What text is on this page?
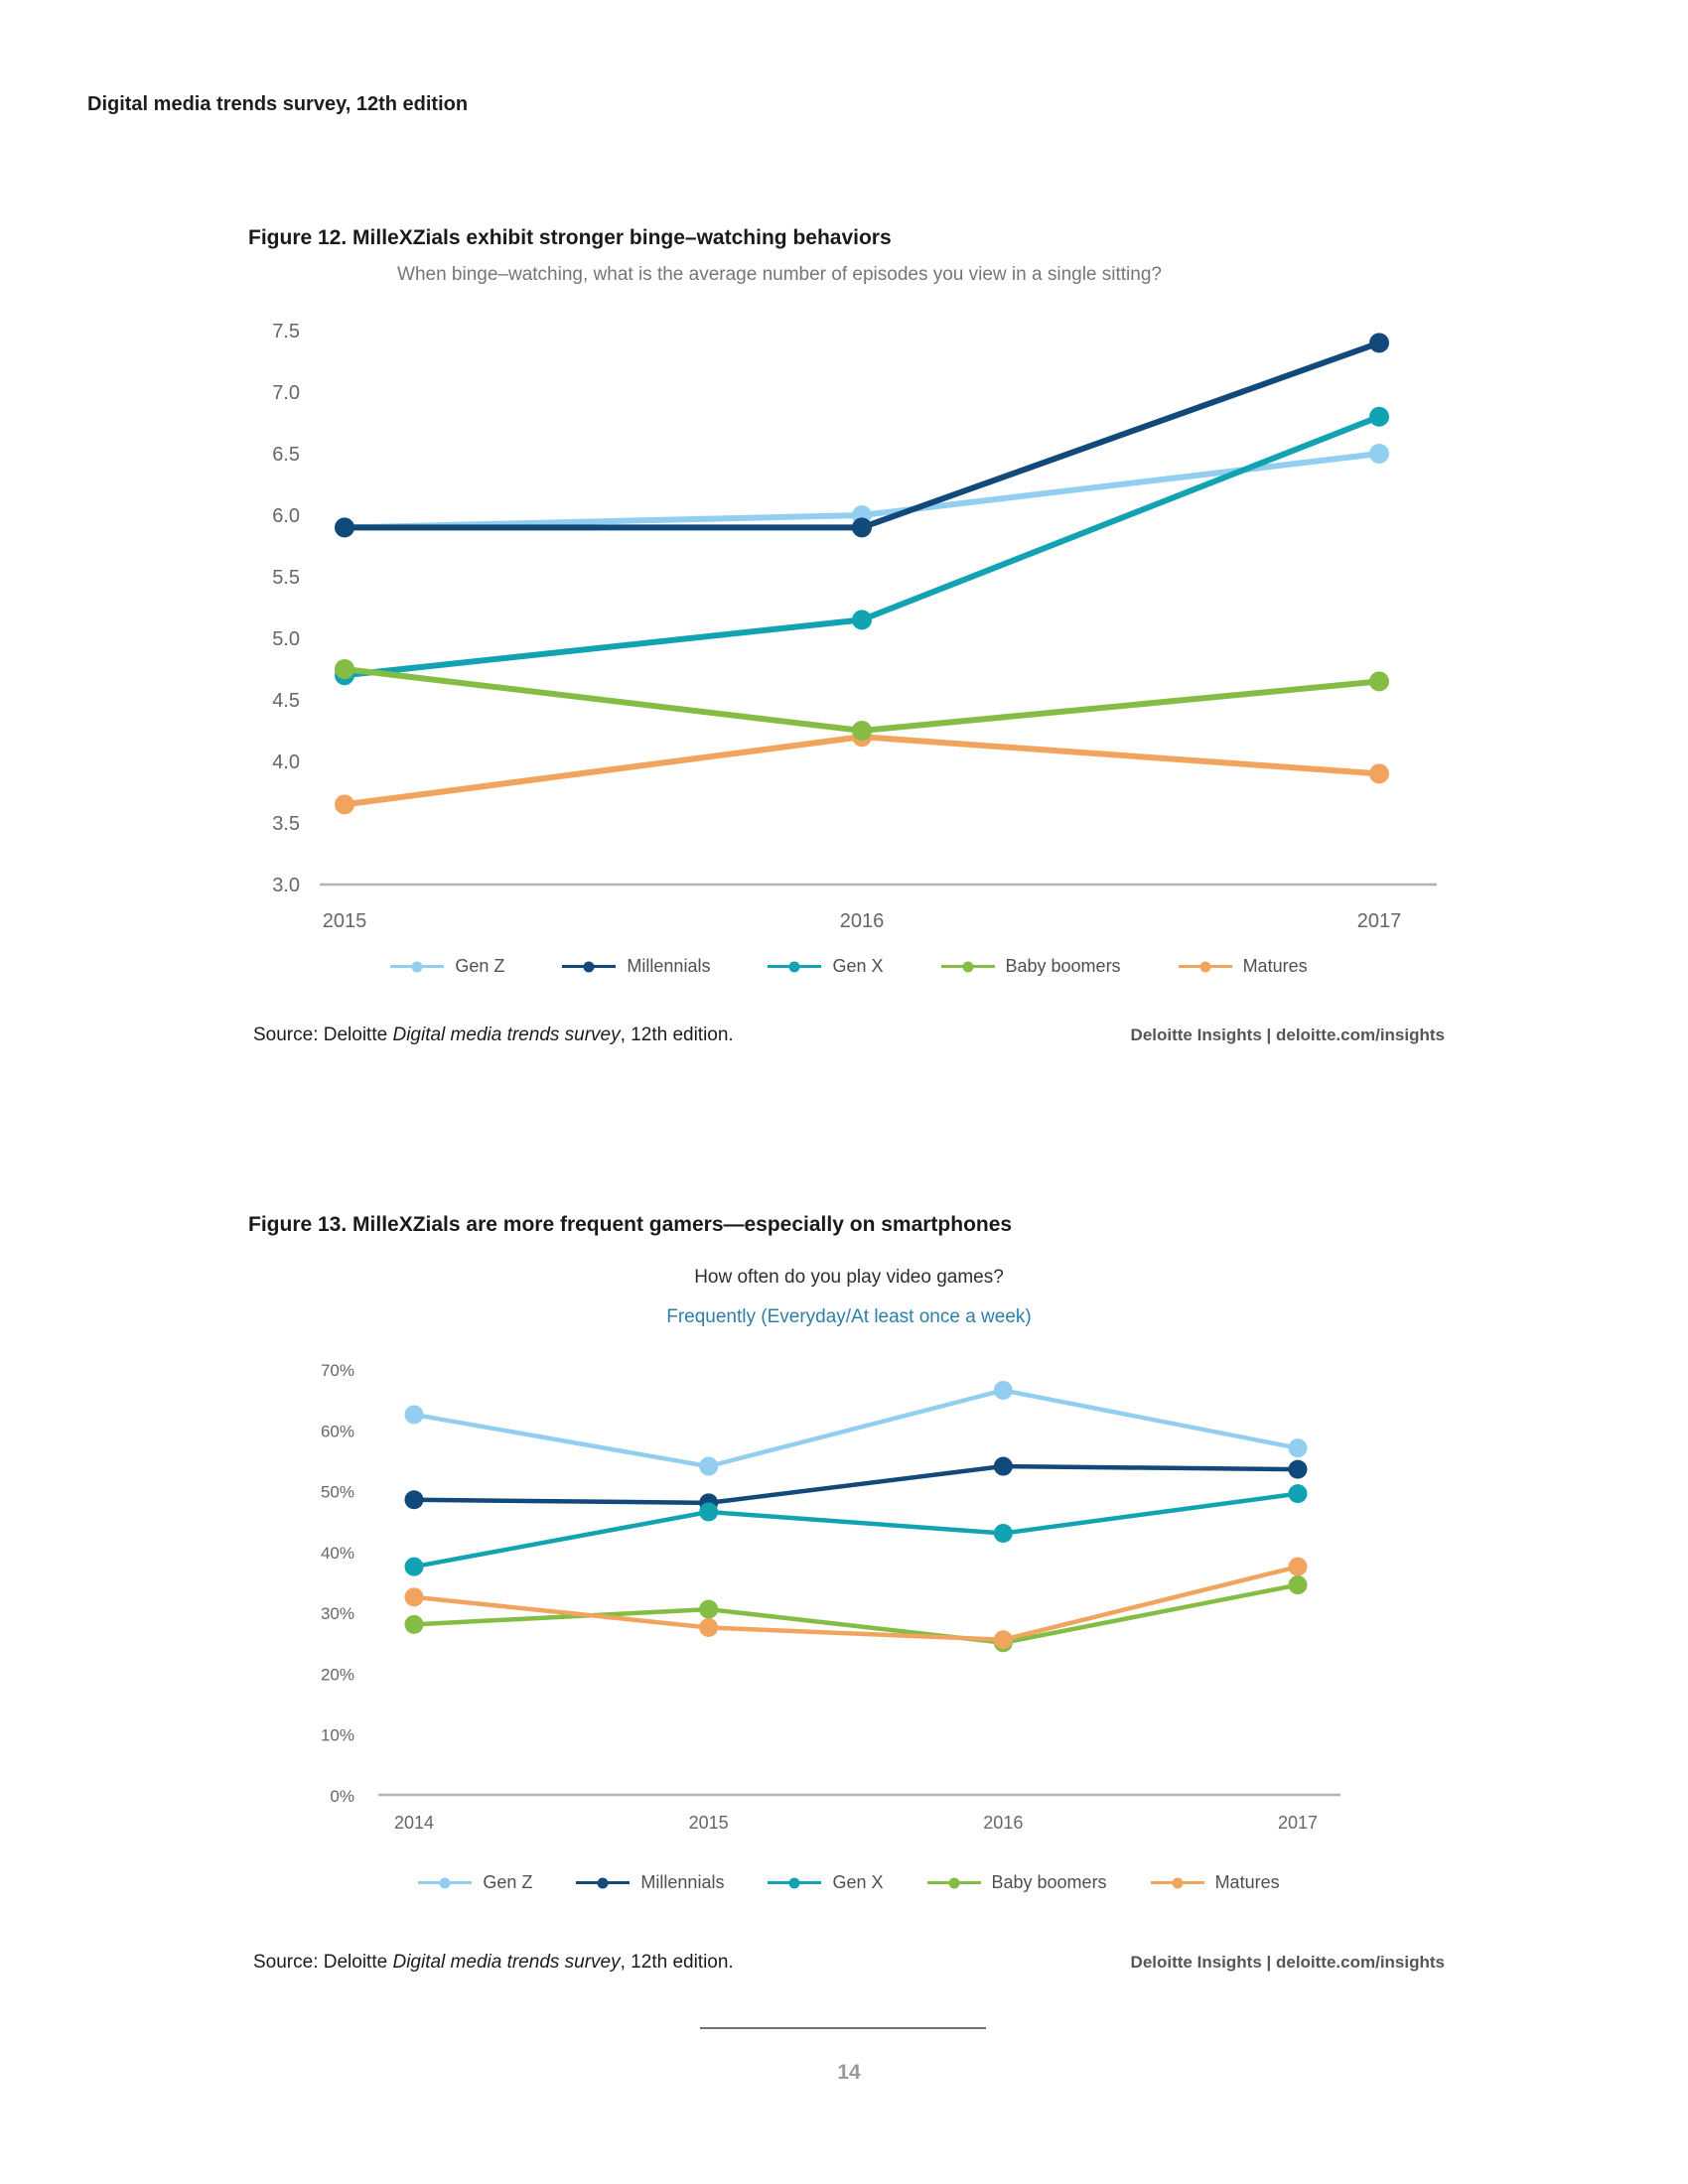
Digital media trends survey, 12th edition
Figure 12. MilleXZials exhibit stronger binge–watching behaviors
When binge–watching, what is the average number of episodes you view in a single sitting?
7.5
7.0
6.5
6.0
5.5
5.0
4.5
4.0
3.5
3.0
2015	2016	2017
Gen Z	Millennials	Gen X	Baby boomers	Matures
Source: Deloitte Digital media trends survey, 12th edition.	Deloitte Insights | deloitte.com/insights
Figure 13. MilleXZials are more frequent gamers—especially on smartphones
How often do you play video games?
Frequently (Everyday/At least once a week)
70%
60%
50%
40%
30%
20%
10%
0%
2014	2015	2016	2017
Gen Z	Millennials	Gen X	Baby boomers	Matures
Source: Deloitte Digital media trends survey, 12th edition.	Deloitte Insights | deloitte.com/insights
14
